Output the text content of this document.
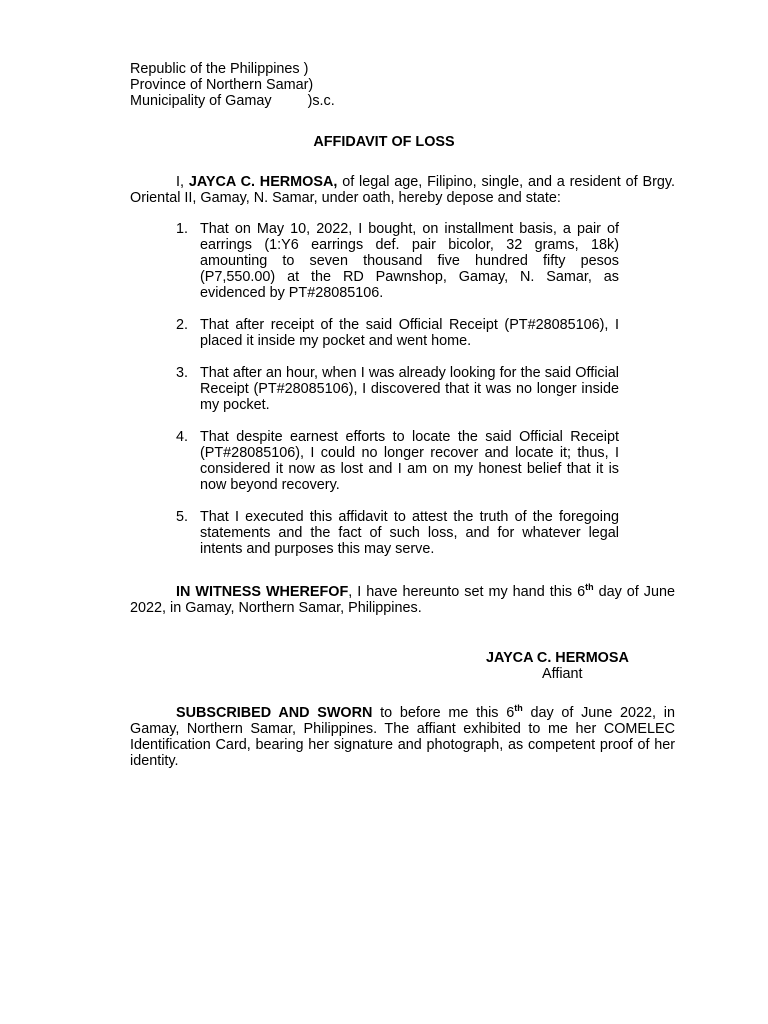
Republic of the Philippines )
Province of Northern Samar)
Municipality of Gamay	)s.c.
AFFIDAVIT OF LOSS

I, JAYCA C. HERMOSA, of legal age, Filipino, single, and a resident of Brgy. Oriental II, Gamay, N. Samar, under oath, hereby depose and state:

1. That on May 10, 2022, I bought, on installment basis, a pair of earrings (1:Y6 earrings def. pair bicolor, 32 grams, 18k) amounting to seven thousand five hundred fifty pesos (P7,550.00) at the RD Pawnshop, Gamay, N. Samar, as evidenced by PT#28085106.
2. That after receipt of the said Official Receipt (PT#28085106), I placed it inside my pocket and went home.
3. That after an hour, when I was already looking for the said Official Receipt (PT#28085106), I discovered that it was no longer inside my pocket.
4. That despite earnest efforts to locate the said Official Receipt (PT#28085106), I could no longer recover and locate it; thus, I considered it now as lost and I am on my honest belief that it is now beyond recovery.
5. That I executed this affidavit to attest the truth of the foregoing statements and the fact of such loss, and for whatever legal intents and purposes this may serve.

IN WITNESS WHEREFOF, I have hereunto set my hand this 6th day of June 2022, in Gamay, Northern Samar, Philippines.

JAYCA C. HERMOSA
Affiant

SUBSCRIBED AND SWORN to before me this 6th day of June 2022, in Gamay, Northern Samar, Philippines. The affiant exhibited to me her COMELEC Identification Card, bearing her signature and photograph, as competent proof of her identity.
